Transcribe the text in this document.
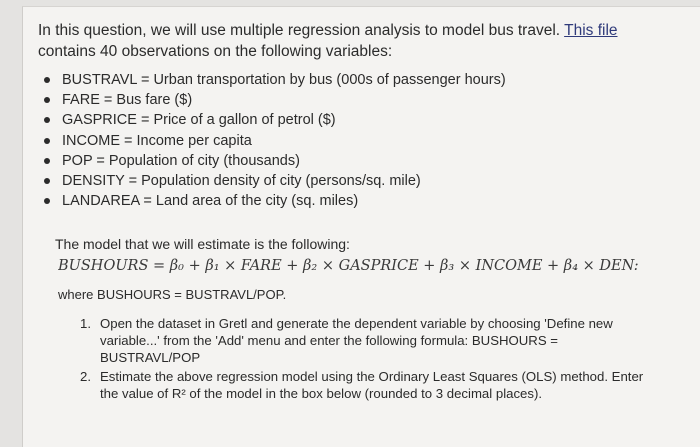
In this question, we will use multiple regression analysis to model bus travel. This file contains 40 observations on the following variables:
BUSTRAVL = Urban transportation by bus (000s of passenger hours)
FARE = Bus fare ($)
GASPRICE = Price of a gallon of petrol ($)
INCOME = Income per capita
POP = Population of city (thousands)
DENSITY = Population density of city (persons/sq. mile)
LANDAREA = Land area of the city (sq. miles)
The model that we will estimate is the following:
BUSHOURS = β₀ + β₁ × FARE + β₂ × GASPRICE + β₃ × INCOME + β₄ × DEN:
where BUSHOURS = BUSTRAVL/POP.
1. Open the dataset in Gretl and generate the dependent variable by choosing 'Define new variable...' from the 'Add' menu and enter the following formula: BUSHOURS = BUSTRAVL/POP
2. Estimate the above regression model using the Ordinary Least Squares (OLS) method. Enter the value of R² of the model in the box below (rounded to 3 decimal places).
